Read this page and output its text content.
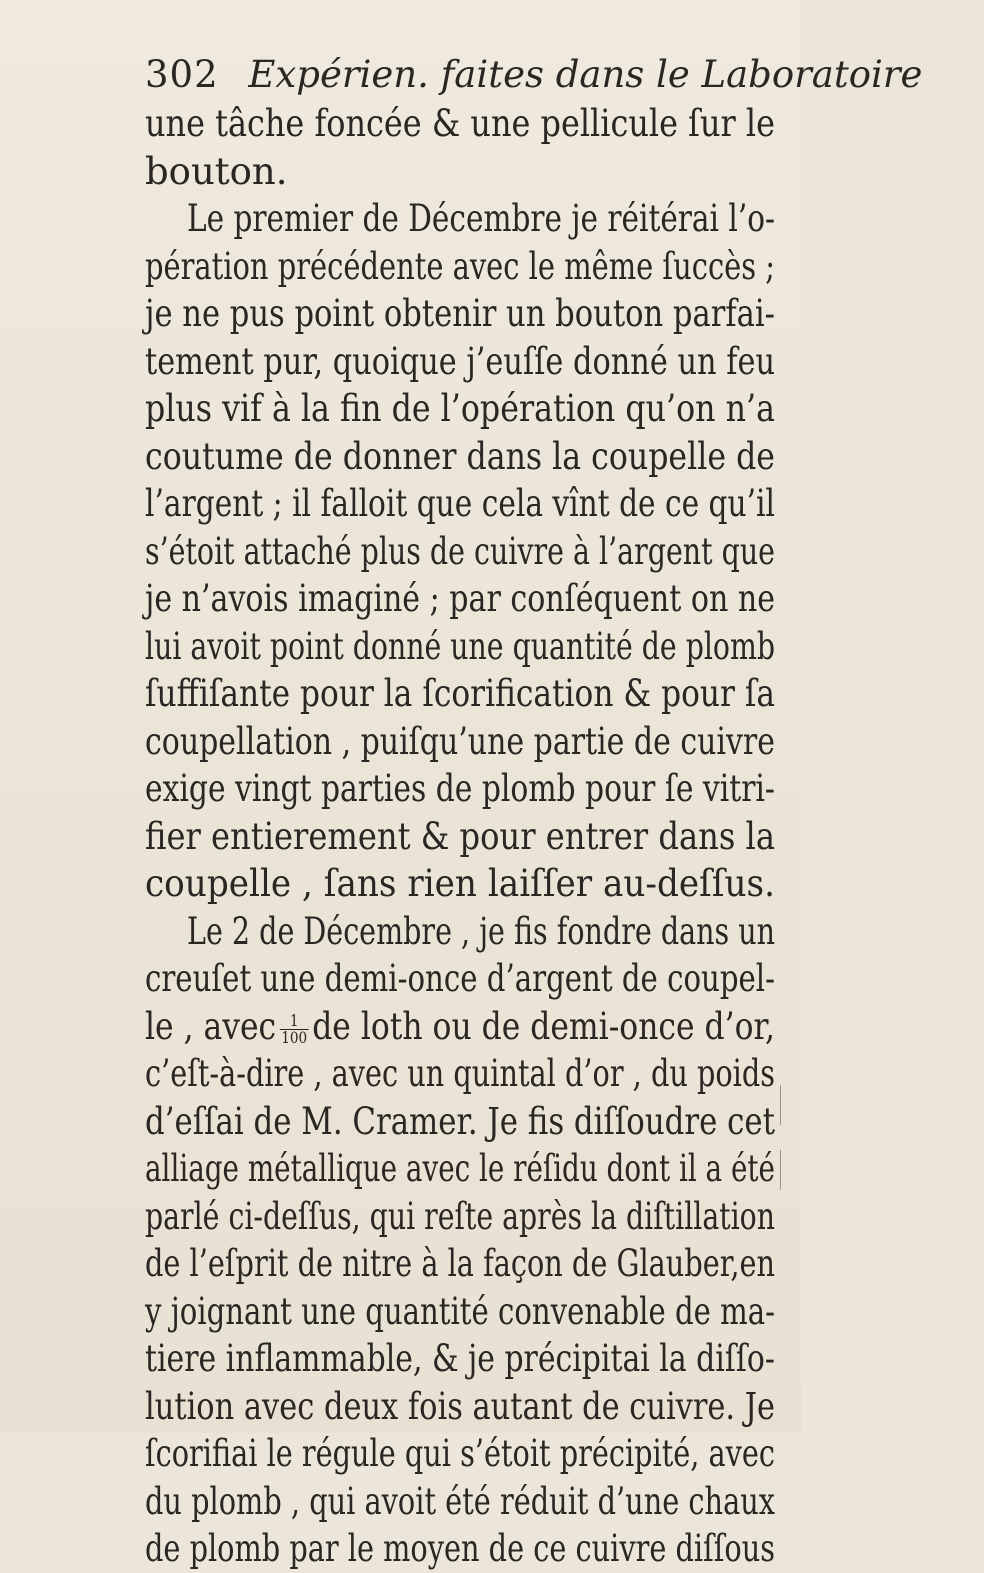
302 Expérien. faites dans le Laboratoire
une tâche foncée & une pellicule ſur le
bouton.
Le premier de Décembre je réitérai l’o-
pération précédente avec le même ſuccès ;
je ne pus point obtenir un bouton parfai-
tement pur, quoique j’euſſe donné un feu
plus vif à la fin de l’opération qu’on n’a
coutume de donner dans la coupelle de
l’argent ; il falloit que cela vînt de ce qu’il
s’étoit attaché plus de cuivre à l’argent que
je n’avois imaginé ; par conſéquent on ne
lui avoit point donné une quantité de plomb
ſuffiſante pour la ſcorification & pour ſa
coupellation , puiſqu’une partie de cuivre
exige vingt parties de plomb pour ſe vitri-
fier entierement & pour entrer dans la
coupelle , ſans rien laiſſer au-deſſus.
Le 2 de Décembre , je fis fondre dans un
creuſet une demi-once d’argent de coupel-
le , avec $\frac{1}{100}$ de loth ou de demi-once d’or,
c’eſt-à-dire , avec un quintal d’or , du poids
d’eſſai de M. Cramer. Je fis diſſoudre cet
alliage métallique avec le réſidu dont il a été
parlé ci-deſſus, qui reſte après la diſtillation
de l’eſprit de nitre à la façon de Glauber,en
y joignant une quantité convenable de ma-
tiere inflammable, & je précipitai la diſſo-
lution avec deux fois autant de cuivre. Je
ſcorifiai le régule qui s’étoit précipité, avec
du plomb , qui avoit été réduit d’une chaux
de plomb par le moyen de ce cuivre diſſous
